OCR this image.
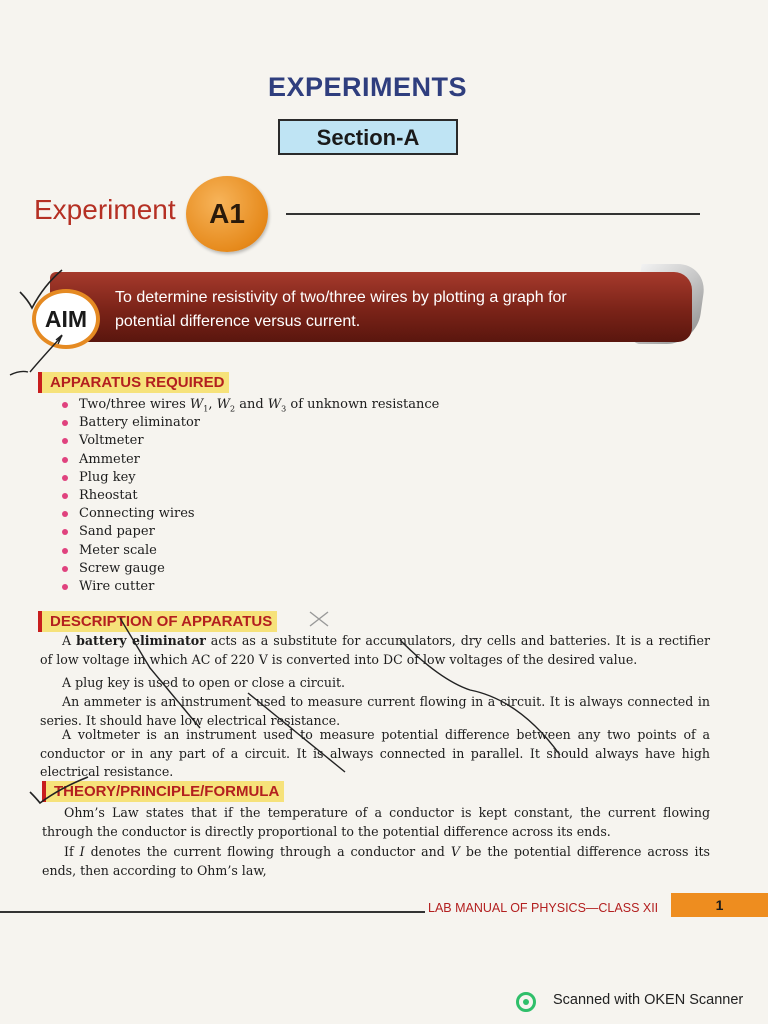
EXPERIMENTS
Section-A
Experiment	A1
AIM
To determine resistivity of two/three wires by plotting a graph for
potential difference versus current.
APPARATUS REQUIRED
Two/three wires $W_1$, $W_2$ and $W_3$ of unknown resistance
Battery eliminator
Voltmeter
Ammeter
Plug key
Rheostat
Connecting wires
Sand paper
Meter scale
Screw gauge
Wire cutter
DESCRIPTION OF APPARATUS
A battery eliminator acts as a substitute for accumulators, dry cells and batteries. It is a rectifier of low voltage in which AC of 220 V is converted into DC of low voltages of the desired value.
A plug key is used to open or close a circuit.
An ammeter is an instrument used to measure current flowing in a circuit. It is always connected in series. It should have low electrical resistance.
A voltmeter is an instrument used to measure potential difference between any two points of a conductor or in any part of a circuit. It is always connected in parallel. It should always have high electrical resistance.
THEORY/PRINCIPLE/FORMULA
Ohm’s Law states that if the temperature of a conductor is kept constant, the current flowing through the conductor is directly proportional to the potential difference across its ends.
If I denotes the current flowing through a conductor and V be the potential difference across its ends, then according to Ohm’s law,
LAB MANUAL OF PHYSICS—CLASS XII	1
Scanned with OKEN Scanner
